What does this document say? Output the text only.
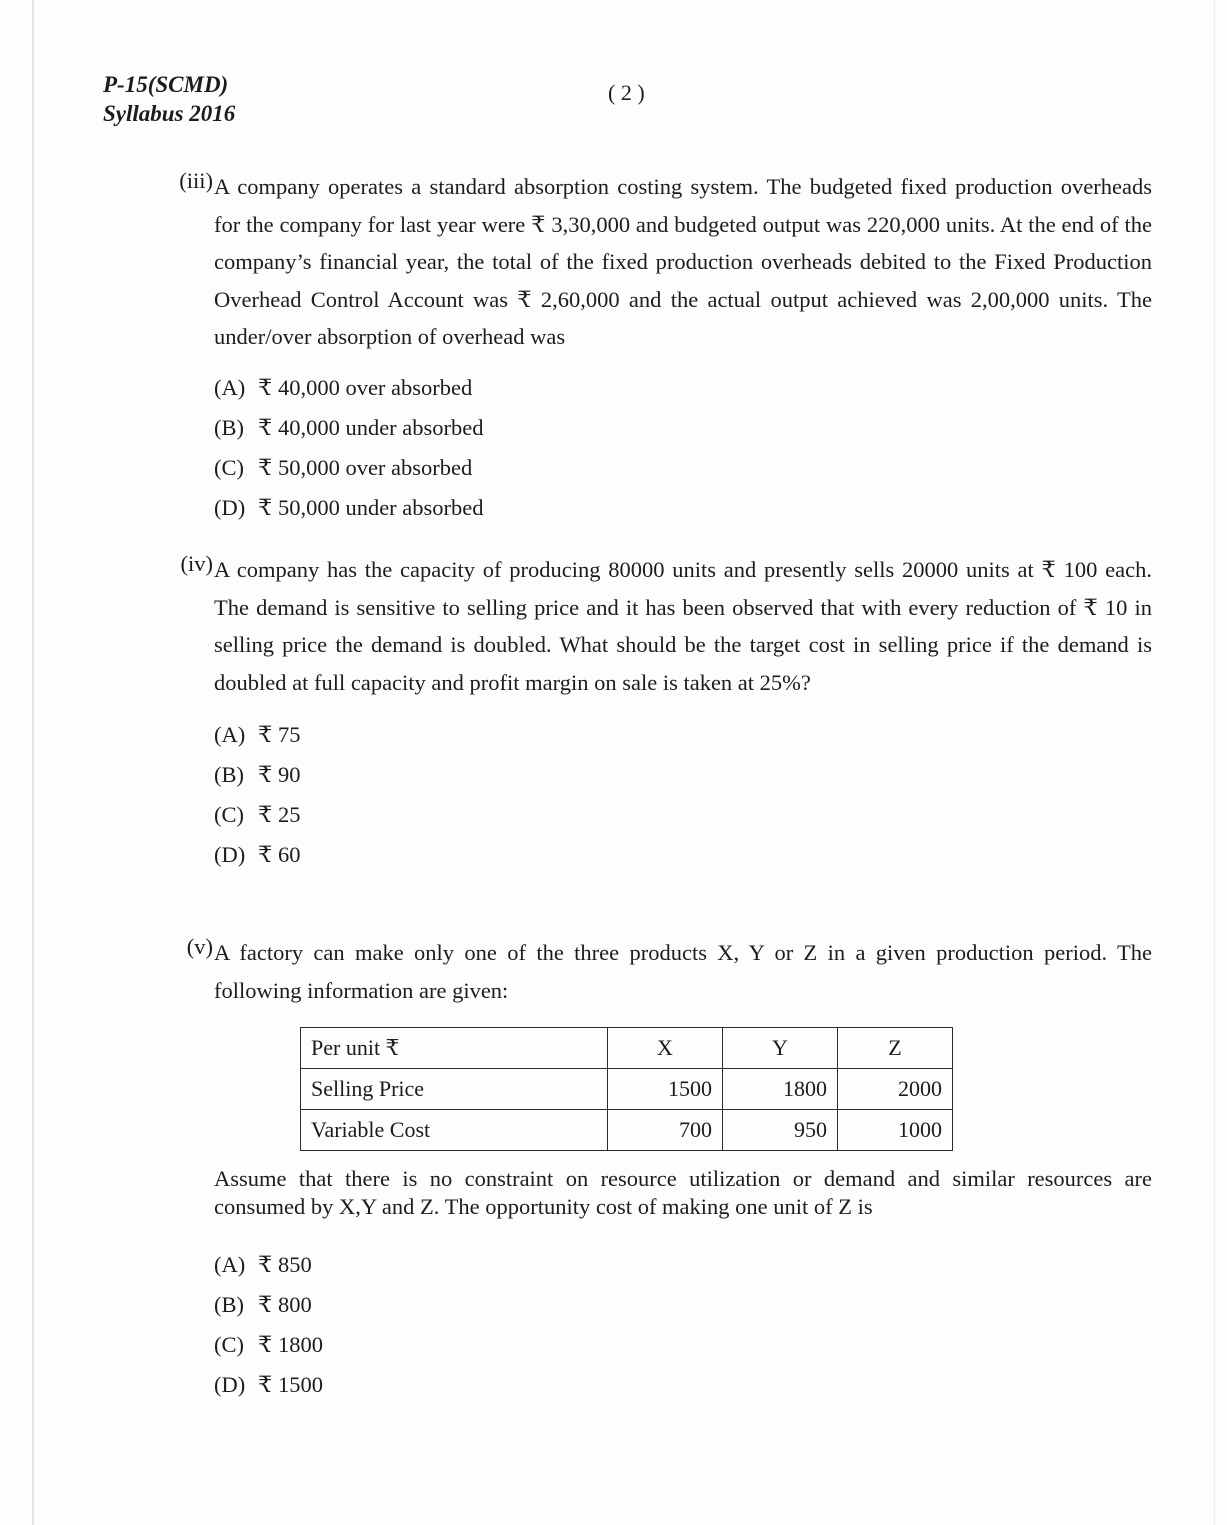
P-15(SCMD)
Syllabus 2016
( 2 )
(iii) A company operates a standard absorption costing system. The budgeted fixed production overheads for the company for last year were ₹ 3,30,000 and budgeted output was 220,000 units. At the end of the company’s financial year, the total of the fixed production overheads debited to the Fixed Production Overhead Control Account was ₹ 2,60,000 and the actual output achieved was 2,00,000 units. The under/over absorption of overhead was
(A) ₹ 40,000 over absorbed
(B) ₹ 40,000 under absorbed
(C) ₹ 50,000 over absorbed
(D) ₹ 50,000 under absorbed
(iv) A company has the capacity of producing 80000 units and presently sells 20000 units at ₹ 100 each. The demand is sensitive to selling price and it has been observed that with every reduction of ₹ 10 in selling price the demand is doubled. What should be the target cost in selling price if the demand is doubled at full capacity and profit margin on sale is taken at 25%?
(A) ₹ 75
(B) ₹ 90
(C) ₹ 25
(D) ₹ 60
(v) A factory can make only one of the three products X, Y or Z in a given production period. The following information are given:
Per unit ₹	X	Y	Z
Selling Price	1500	1800	2000
Variable Cost	700	950	1000
Assume that there is no constraint on resource utilization or demand and similar resources are consumed by X,Y and Z. The opportunity cost of making one unit of Z is
(A) ₹ 850
(B) ₹ 800
(C) ₹ 1800
(D) ₹ 1500
